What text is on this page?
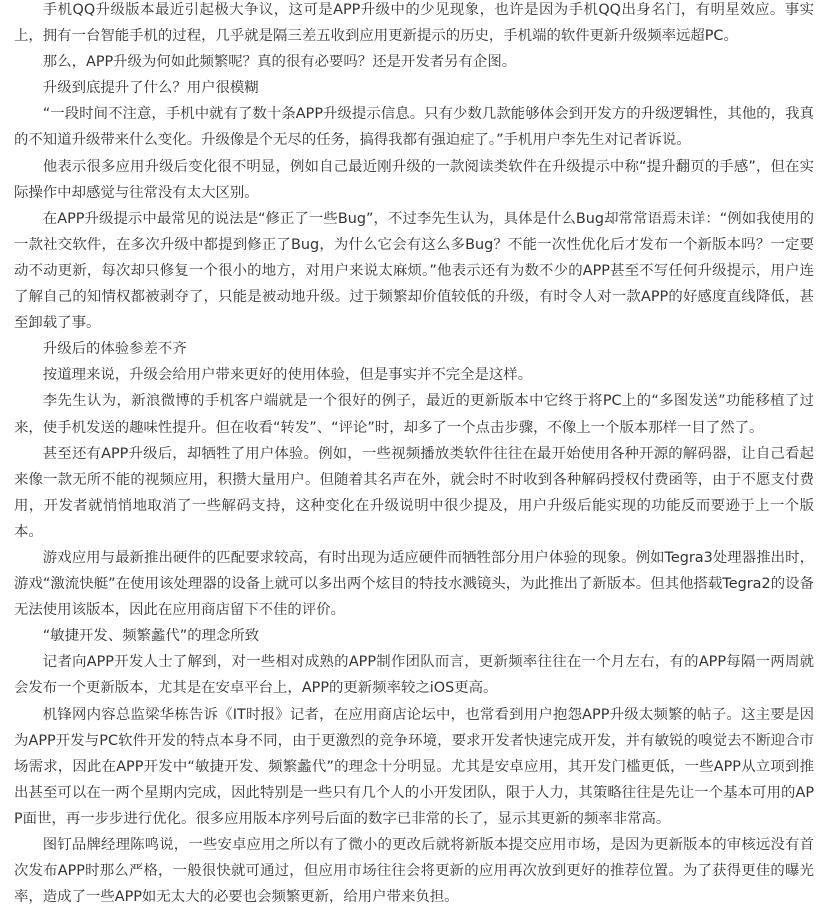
手机QQ升级版本最近引起极大争议，这可是APP升级中的少见现象，也许是因为手机QQ出身名门，有明星效应。事实上，拥有一台智能手机的过程，几乎就是隔三差五收到应用更新提示的历史，手机端的软件更新升级频率远超PC。

那么，APP升级为何如此频繁呢？真的很有必要吗？还是开发者另有企图。

升级到底提升了什么？用户很模糊

“一段时间不注意，手机中就有了数十条APP升级提示信息。只有少数几款能够体会到开发方的升级逻辑性，其他的，我真的不知道升级带来什么变化。升级像是个无尽的任务，搞得我都有强迫症了。”手机用户李先生对记者诉说。

他表示很多应用升级后变化很不明显，例如自己最近刚升级的一款阅读类软件在升级提示中称“提升翻页的手感”，但在实际操作中却感觉与往常没有太大区别。

在APP升级提示中最常见的说法是“修正了一些Bug”，不过李先生认为，具体是什么Bug却常常语焉未详：“例如我使用的一款社交软件，在多次升级中都提到修正了Bug，为什么它会有这么多Bug？不能一次性优化后才发布一个新版本吗？一定要动不动更新，每次却只修复一个很小的地方，对用户来说太麻烦。”他表示还有为数不少的APP甚至不写任何升级提示，用户连了解自己的知情权都被剥夺了，只能是被动地升级。过于频繁却价值较低的升级，有时令人对一款APP的好感度直线降低，甚至卸载了事。

升级后的体验参差不齐

按道理来说，升级会给用户带来更好的使用体验，但是事实并不完全是这样。

李先生认为，新浪微博的手机客户端就是一个很好的例子，最近的更新版本中它终于将PC上的“多图发送”功能移植了过来，使手机发送的趣味性提升。但在收看“转发”、“评论”时，却多了一个点击步骤，不像上一个版本那样一目了然了。

甚至还有APP升级后，却牺牲了用户体验。例如，一些视频播放类软件往往在最开始使用各种开源的解码器，让自己看起来像一款无所不能的视频应用，积攒大量用户。但随着其名声在外，就会时不时收到各种解码授权付费函等，由于不愿支付费用，开发者就悄悄地取消了一些解码支持，这种变化在升级说明中很少提及，用户升级后能实现的功能反而要逊于上一个版本。

游戏应用与最新推出硬件的匹配要求较高，有时出现为适应硬件而牺牲部分用户体验的现象。例如Tegra3处理器推出时，游戏“激流快艇”在使用该处理器的设备上就可以多出两个炫目的特技水溅镜头，为此推出了新版本。但其他搭载Tegra2的设备无法使用该版本，因此在应用商店留下不佳的评价。

“敏捷开发、频繁蠡代”的理念所致

记者向APP开发人士了解到，对一些相对成熟的APP制作团队而言，更新频率往往在一个月左右，有的APP每隔一两周就会发布一个更新版本，尤其是在安卓平台上，APP的更新频率较之iOS更高。

机锋网内容总监梁华栋告诉《IT时报》记者，在应用商店论坛中，也常看到用户抱怨APP升级太频繁的帖子。这主要是因为APP开发与PC软件开发的特点本身不同，由于更激烈的竞争环境，要求开发者快速完成开发，并有敏锐的嗅觉去不断迎合市场需求，因此在APP开发中“敏捷开发、频繁蠡代”的理念十分明显。尤其是安卓应用，其开发门槛更低，一些APP从立项到推出甚至可以在一两个星期内完成，因此特别是一些只有几个人的小开发团队，限于人力，其策略往往是先让一个基本可用的APP面世，再一步步进行优化。很多应用版本序列号后面的数字已非常的长了，显示其更新的频率非常高。

图钉品牌经理陈鸣说，一些安卓应用之所以有了微小的更改后就将新版本提交应用市场，是因为更新版本的审核远没有首次发布APP时那么严格，一般很快就可通过，但应用市场往往会将更新的应用再次放到更好的推荐位置。为了获得更佳的曝光率，造成了一些APP如无太大的必要也会频繁更新，给用户带来负担。
